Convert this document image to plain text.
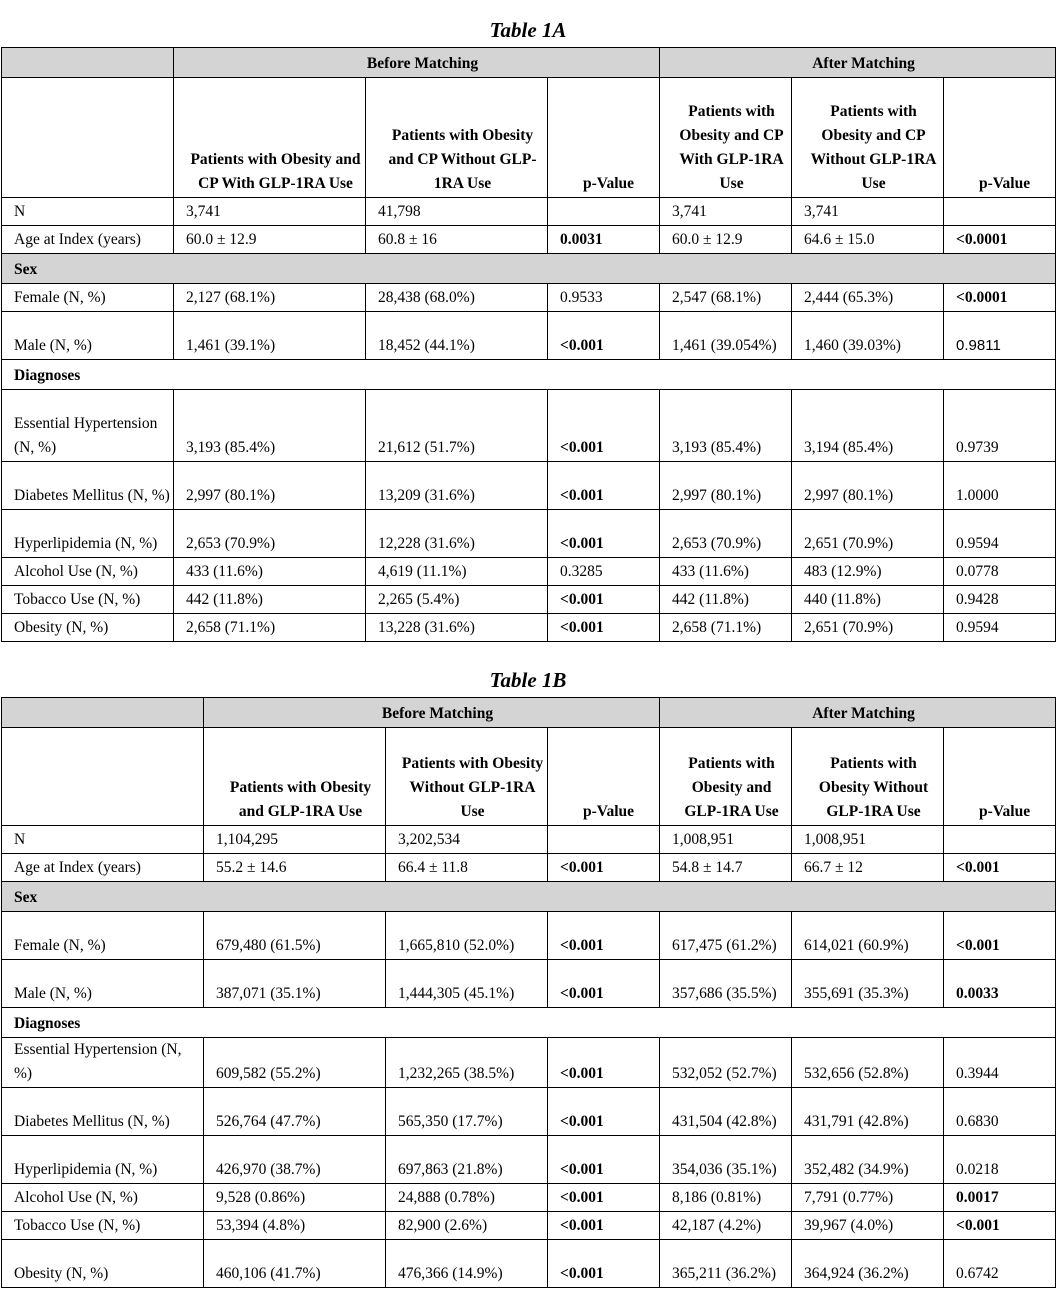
Table 1A
	Before Matching			After Matching		
	Patients with Obesity and CP With GLP-1RA Use	Patients with Obesity and CP Without GLP-1RA Use	p-Value	Patients with Obesity and CP With GLP-1RA Use	Patients with Obesity and CP Without GLP-1RA Use	p-Value
N	3,741	41,798		3,741	3,741	
Age at Index (years)	60.0 ± 12.9	60.8 ± 16	0.0031	60.0 ± 12.9	64.6 ± 15.0	<0.0001
Sex						
Female (N, %)	2,127 (68.1%)	28,438 (68.0%)	0.9533	2,547 (68.1%)	2,444 (65.3%)	<0.0001
Male (N, %)	1,461 (39.1%)	18,452 (44.1%)	<0.001	1,461 (39.054%)	1,460 (39.03%)	0.9811
Diagnoses						
Essential Hypertension (N, %)	3,193 (85.4%)	21,612 (51.7%)	<0.001	3,193 (85.4%)	3,194 (85.4%)	0.9739
Diabetes Mellitus (N, %)	2,997 (80.1%)	13,209 (31.6%)	<0.001	2,997 (80.1%)	2,997 (80.1%)	1.0000
Hyperlipidemia (N, %)	2,653 (70.9%)	12,228 (31.6%)	<0.001	2,653 (70.9%)	2,651 (70.9%)	0.9594
Alcohol Use (N, %)	433 (11.6%)	4,619 (11.1%)	0.3285	433 (11.6%)	483 (12.9%)	0.0778
Tobacco Use (N, %)	442 (11.8%)	2,265 (5.4%)	<0.001	442 (11.8%)	440 (11.8%)	0.9428
Obesity (N, %)	2,658 (71.1%)	13,228 (31.6%)	<0.001	2,658 (71.1%)	2,651 (70.9%)	0.9594
Table 1B
	Before Matching			After Matching		
	Patients with Obesity and GLP-1RA Use	Patients with Obesity Without GLP-1RA Use	p-Value	Patients with Obesity and GLP-1RA Use	Patients with Obesity Without GLP-1RA Use	p-Value
N	1,104,295	3,202,534		1,008,951	1,008,951	
Age at Index (years)	55.2 ± 14.6	66.4 ± 11.8	<0.001	54.8 ± 14.7	66.7 ± 12	<0.001
Sex						
Female (N, %)	679,480 (61.5%)	1,665,810 (52.0%)	<0.001	617,475 (61.2%)	614,021 (60.9%)	<0.001
Male (N, %)	387,071 (35.1%)	1,444,305 (45.1%)	<0.001	357,686 (35.5%)	355,691 (35.3%)	0.0033
Diagnoses						
Essential Hypertension (N, %)	609,582 (55.2%)	1,232,265 (38.5%)	<0.001	532,052 (52.7%)	532,656 (52.8%)	0.3944
Diabetes Mellitus (N, %)	526,764 (47.7%)	565,350 (17.7%)	<0.001	431,504 (42.8%)	431,791 (42.8%)	0.6830
Hyperlipidemia (N, %)	426,970 (38.7%)	697,863 (21.8%)	<0.001	354,036 (35.1%)	352,482 (34.9%)	0.0218
Alcohol Use (N, %)	9,528 (0.86%)	24,888 (0.78%)	<0.001	8,186 (0.81%)	7,791 (0.77%)	0.0017
Tobacco Use (N, %)	53,394 (4.8%)	82,900 (2.6%)	<0.001	42,187 (4.2%)	39,967 (4.0%)	<0.001
Obesity (N, %)	460,106 (41.7%)	476,366 (14.9%)	<0.001	365,211 (36.2%)	364,924 (36.2%)	0.6742
